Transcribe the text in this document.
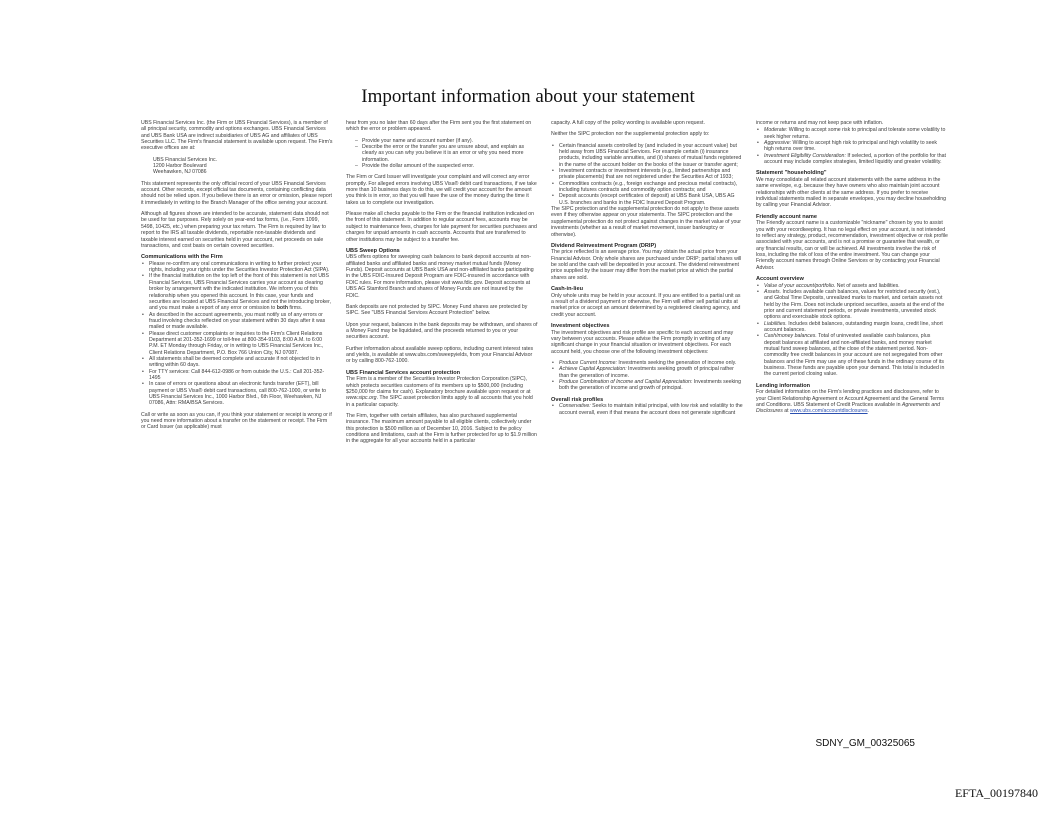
Important information about your statement

UBS Financial Services Inc. (the Firm or UBS Financial Services), is a member of all principal security, commodity and options exchanges. UBS Financial Services and UBS Bank USA are indirect subsidiaries of UBS AG and affiliates of UBS Securities LLC. The Firm's financial statement is available upon request. The Firm's executive offices are at:

UBS Financial Services Inc.
1200 Harbor Boulevard
Weehawken, NJ 07086

This statement represents the only official record of your UBS Financial Services account. Other records, except official tax documents, containing conflicting data should not be relied upon. If you believe there is an error or omission, please report it immediately in writing to the Branch Manager of the office serving your account.

Although all figures shown are intended to be accurate, statement data should not be used for tax purposes. Rely solely on year-end tax forms, (i.e., Form 1099, 5498, 10425, etc.) when preparing your tax return. The Firm is required by law to report to the IRS all taxable dividends, reportable non-taxable dividends and taxable interest earned on securities held in your account, net proceeds on sale transactions, and cost basis on certain covered securities.

Communications with the Firm
• Please re-confirm any oral communications in writing to further protect your rights, including your rights under the Securities Investor Protection Act (SIPA).
• If the financial institution on the top left of the front of this statement is not UBS Financial Services, UBS Financial Services carries your account as clearing broker by arrangement with the indicated institution. We inform you of this relationship when you opened this account. In this case, your funds and securities are located at UBS Financial Services and not the introducing broker, and you must make a report of any error or omission to both firms.
• As described in the account agreements, you must notify us of any errors or fraud involving checks reflected on your statement within 30 days after it was mailed or made available.
• Please direct customer complaints or inquiries to the Firm's Client Relations Department at 201-352-1699 or toll-free at 800-354-9103, 8:00 A.M. to 6:00 P.M. ET Monday through Friday, or in writing to UBS Financial Services Inc., Client Relations Department, P.O. Box 766 Union City, NJ 07087.
• All statements shall be deemed complete and accurate if not objected to in writing within 60 days.
• For TTY services: Call 844-612-0986 or from outside the U.S.: Call 201-352-1495
• In case of errors or questions about an electronic funds transfer (EFT), bill payment or UBS Visa® debit card transactions, call 800-762-1000, or write to UBS Financial Services Inc., 1000 Harbor Blvd., 6th Floor, Weehawken, NJ 07086, Attn: RMA/BSA Services.

Call or write as soon as you can, if you think your statement or receipt is wrong or if you need more information about a transfer on the statement or receipt. The Firm or Card Issuer (as applicable) must

hear from you no later than 60 days after the Firm sent you the first statement on which the error or problem appeared.

– Provide your name and account number (if any).
– Describe the error or the transfer you are unsure about, and explain as clearly as you can why you believe it is an error or why you need more information.
– Provide the dollar amount of the suspected error.

The Firm or Card Issuer will investigate your complaint and will correct any error promptly. For alleged errors involving UBS Visa® debit card transactions, if we take more than 10 business days to do this, we will credit your account for the amount you think is in error, so that you will have the use of the money during the time it takes us to complete our investigation.

Please make all checks payable to the Firm or the financial institution indicated on the front of this statement. In addition to regular account fees, accounts may be subject to maintenance fees, charges for late payment for securities purchases and charges for unpaid amounts in cash accounts. Accounts that are transferred to other institutions may be subject to a transfer fee.

UBS Sweep Options

UBS offers options for sweeping cash balances to bank deposit accounts at non-affiliated banks and affiliated banks and money market mutual funds (Money Funds). Deposit accounts at UBS Bank USA and non-affiliated banks participating in the UBS FDIC-Insured Deposit Program are FDIC-insured in accordance with FDIC rules. For more information, please visit www.fdic.gov. Deposit accounts at UBS AG Stamford Branch and shares of Money Funds are not insured by the FDIC.

Bank deposits are not protected by SIPC. Money Fund shares are protected by SIPC. See "UBS Financial Services Account Protection" below.

Upon your request, balances in the bank deposits may be withdrawn, and shares of a Money Fund may be liquidated, and the proceeds returned to you or your securities account.

Further information about available sweep options, including current interest rates and yields, is available at www.ubs.com/sweepyields, from your Financial Advisor or by calling 800-762-1000.

UBS Financial Services account protection

The Firm is a member of the Securities Investor Protection Corporation (SIPC), which protects securities customers of its members up to $500,000 (including $250,000 for claims for cash). Explanatory brochure available upon request or at www.sipc.org. The SIPC asset protection limits apply to all accounts that you hold in a particular capacity.

The Firm, together with certain affiliates, has also purchased supplemental insurance. The maximum amount payable to all eligible clients, collectively under this protection is $500 million as of December 10, 2016. Subject to the policy conditions and limitations, cash at the Firm is further protected for up to $1.9 million in the aggregate for all your accounts held in a particular

capacity. A full copy of the policy wording is available upon request.

Neither the SIPC protection nor the supplemental protection apply to:

• Certain financial assets controlled by (and included in your account value) but held away from UBS Financial Services. For example certain (i) insurance products, including variable annuities, and (ii) shares of mutual funds registered in the name of the account holder on the books of the issuer or transfer agent;
• Investment contracts or investment interests (e.g., limited partnerships and private placements) that are not registered under the Securities Act of 1933;
• Commodities contracts (e.g., foreign exchange and precious metal contracts), including futures contracts and commodity option contracts; and
• Deposit accounts (except certificates of deposit) at UBS Bank USA, UBS AG U.S. branches and banks in the FDIC Insured Deposit Program.

The SIPC protection and the supplemental protection do not apply to these assets even if they otherwise appear on your statements. The SIPC protection and the supplemental protection do not protect against changes in the market value of your investments (whether as a result of market movement, issuer bankruptcy or otherwise).

Dividend Reinvestment Program (DRIP)

The price reflected is an average price. You may obtain the actual price from your Financial Advisor. Only whole shares are purchased under DRIP; partial shares will be sold and the cash will be deposited in your account. The dividend reinvestment price supplied by the issuer may differ from the market price at which the partial shares are sold.

Cash-in-lieu

Only whole units may be held in your account. If you are entitled to a partial unit as a result of a dividend payment or otherwise, the Firm will either sell partial units at market price or accept an amount determined by a registered clearing agency, and credit your account.

Investment objectives

The investment objectives and risk profile are specific to each account and may vary between your accounts. Please advise the Firm promptly in writing of any significant change in your financial situation or investment objectives. For each account held, you choose one of the following investment objectives:

• Produce Current Income: Investments seeking the generation of income only.
• Achieve Capital Appreciation: Investments seeking growth of principal rather than the generation of income.
• Produce Combination of Income and Capital Appreciation: Investments seeking both the generation of income and growth of principal.
Overall risk profiles
• Conservative: Seeks to maintain initial principal, with low risk and volatility to the account overall, even if that means the account does not generate significant

income or returns and may not keep pace with inflation.

• Moderate: Willing to accept some risk to principal and tolerate some volatility to seek higher returns.
• Aggressive: Willing to accept high risk to principal and high volatility to seek high returns over time.
• Investment Eligibility Consideration: If selected, a portion of the portfolio for that account may include complex strategies, limited liquidity and greater volatility.
Statement "householding"

We may consolidate all related account statements with the same address in the same envelope, e.g. because they have owners who also maintain joint account relationships with other clients at the same address. If you prefer to receive individual statements mailed in separate envelopes, you may decline householding by calling your Financial Advisor.

Friendly account name

The Friendly account name is a customizable "nickname" chosen by you to assist you with your recordkeeping. It has no legal effect on your account, is not intended to reflect any strategy, product, recommendation, investment objective or risk profile associated with your accounts, and is not a promise or guarantee that wealth, or any financial results, can or will be achieved. All investments involve the risk of loss, including the risk of loss of the entire investment. You can change your Friendly account names through Online Services or by contacting your Financial Advisor.

Account overview
• Value of your account/portfolio. Net of assets and liabilities.
• Assets. Includes available cash balances, values for restricted security (est.), and Global Time Deposits, unrealized marks to market, and certain assets not held by the Firm. Does not include unpriced securities, assets at the end of the prior and current statement periods, or private investments, unvested stock options and exercisable stock options.
• Liabilities. Includes debit balances, outstanding margin loans, credit line, short account balances.
• Cash/money balances. Total of uninvested available cash balances, plus deposit balances at affiliated and non-affiliated banks, and money market mutual fund sweep balances, at the close of the statement period. Non-commodity free credit balances in your account are not segregated from other balances and the Firm may use any of these funds in the ordinary course of its business. These funds are payable upon your demand. This total is included in the current period closing value.
Lending information

For detailed information on the Firm's lending practices and disclosures, refer to your Client Relationship Agreement or Account Agreement and the General Terms and Conditions. UBS Statement of Credit Practices available in Agreements and Disclosures at www.ubs.com/accountdisclosures.

SDNY_GM_00325065
EFTA_00197840
